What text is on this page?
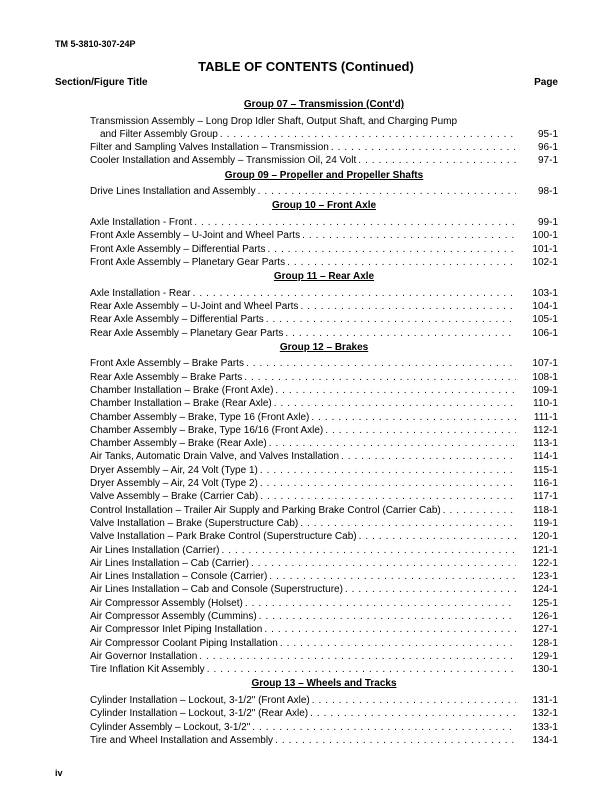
TM 5-3810-307-24P
TABLE OF CONTENTS (Continued)
Section/Figure Title	Page
Group 07 – Transmission (Cont'd)
Transmission Assembly – Long Drop Idler Shaft, Output Shaft, and Charging Pump
and Filter Assembly Group . . .	95-1
Filter and Sampling Valves Installation – Transmission . . .	96-1
Cooler Installation and Assembly – Transmission Oil, 24 Volt . . .	97-1
Group 09 – Propeller and Propeller Shafts
Drive Lines Installation and Assembly . . .	98-1
Group 10 – Front Axle
Axle Installation - Front . . .	99-1
Front Axle Assembly – U-Joint and Wheel Parts . . .	100-1
Front Axle Assembly – Differential Parts . . .	101-1
Front Axle Assembly – Planetary Gear Parts . . .	102-1
Group 11 – Rear Axle
Axle Installation - Rear . . .	103-1
Rear Axle Assembly – U-Joint and Wheel Parts . . .	104-1
Rear Axle Assembly – Differential Parts . . .	105-1
Rear Axle Assembly – Planetary Gear Parts . . .	106-1
Group 12 – Brakes
Front Axle Assembly – Brake Parts . . .	107-1
Rear Axle Assembly – Brake Parts . . .	108-1
Chamber Installation – Brake (Front Axle) . . .	109-1
Chamber Installation – Brake (Rear Axle) . . .	110-1
Chamber Assembly – Brake, Type 16 (Front Axle) . . .	111-1
Chamber Assembly – Brake, Type 16/16 (Front Axle) . . .	112-1
Chamber Assembly – Brake (Rear Axle) . . .	113-1
Air Tanks, Automatic Drain Valve, and Valves Installation . . .	114-1
Dryer Assembly – Air, 24 Volt (Type 1) . . .	115-1
Dryer Assembly – Air, 24 Volt (Type 2) . . .	116-1
Valve Assembly – Brake (Carrier Cab) . . .	117-1
Control Installation – Trailer Air Supply and Parking Brake Control (Carrier Cab) . . .	118-1
Valve Installation – Brake (Superstructure Cab) . . .	119-1
Valve Installation – Park Brake Control (Superstructure Cab) . . .	120-1
Air Lines Installation (Carrier) . . .	121-1
Air Lines Installation – Cab (Carrier) . . .	122-1
Air Lines Installation – Console (Carrier) . . .	123-1
Air Lines Installation – Cab and Console (Superstructure) . . .	124-1
Air Compressor Assembly (Holset) . . .	125-1
Air Compressor Assembly (Cummins) . . .	126-1
Air Compressor Inlet Piping Installation . . .	127-1
Air Compressor Coolant Piping Installation . . .	128-1
Air Governor Installation . . .	129-1
Tire Inflation Kit Assembly . . .	130-1
Group 13 – Wheels and Tracks
Cylinder Installation – Lockout, 3-1/2" (Front Axle) . . .	131-1
Cylinder Installation – Lockout, 3-1/2" (Rear Axle) . . .	132-1
Cylinder Assembly – Lockout, 3-1/2" . . .	133-1
Tire and Wheel Installation and Assembly . . .	134-1
iv
